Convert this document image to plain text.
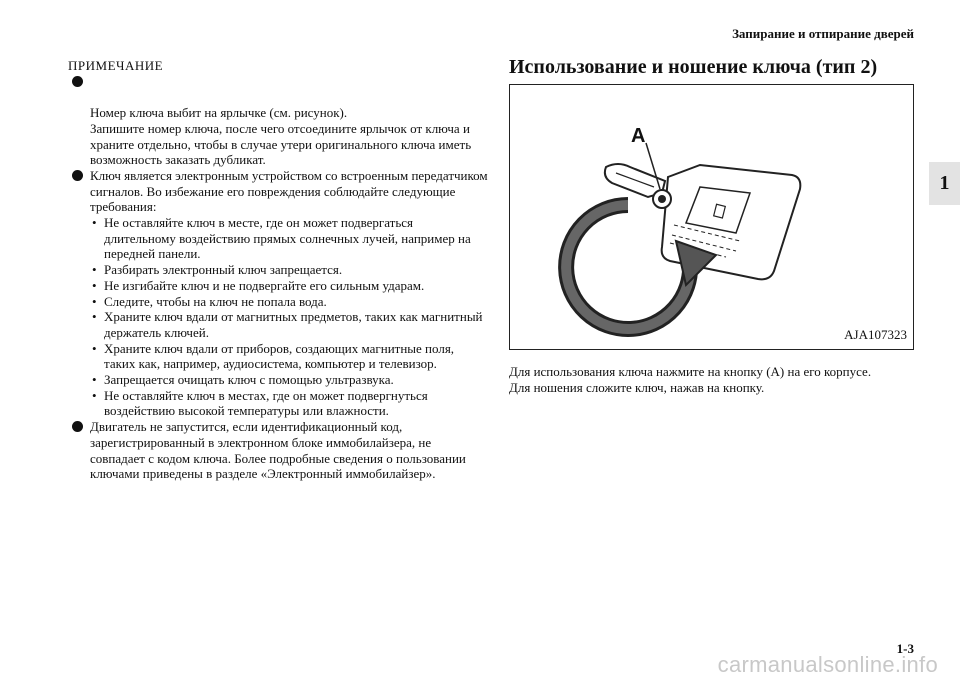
Запирание и отпирание дверей
1
ПРИМЕЧАНИЕ

Номер ключа выбит на ярлычке (см. рисунок).
Запишите номер ключа, после чего отсоедините ярлычок от ключа и храните отдельно, чтобы в случае утери оригинального ключа иметь возможность заказать дубликат.

Ключ является электронным устройством со встроенным передатчиком сигналов. Во избежание его повреждения соблюдайте следующие требования:
• Не оставляйте ключ в месте, где он может подвергаться длительному воздействию прямых солнечных лучей, например на передней панели.
• Разбирать электронный ключ запрещается.
• Не изгибайте ключ и не подвергайте его сильным ударам.
• Следите, чтобы на ключ не попала вода.
• Храните ключ вдали от магнитных предметов, таких как магнитный держатель ключей.
• Храните ключ вдали от приборов, создающих магнитные поля, таких как, например, аудиосистема, компьютер и телевизор.
• Запрещается очищать ключ с помощью ультразвука.
• Не оставляйте ключ в местах, где он может подвергнуться воздействию высокой температуры или влажности.
Двигатель не запустится, если идентификационный код, зарегистрированный в электронном блоке иммобилайзера, не совпадает с кодом ключа. Более подробные сведения о пользовании ключами приведены в разделе «Электронный иммобилайзер».
Использование и ношение ключа (тип 2)
A
AJA107323
Для использования ключа нажмите на кнопку (A) на его корпусе.
Для ношения сложите ключ, нажав на кнопку.
1-3
carmanualsonline.info
